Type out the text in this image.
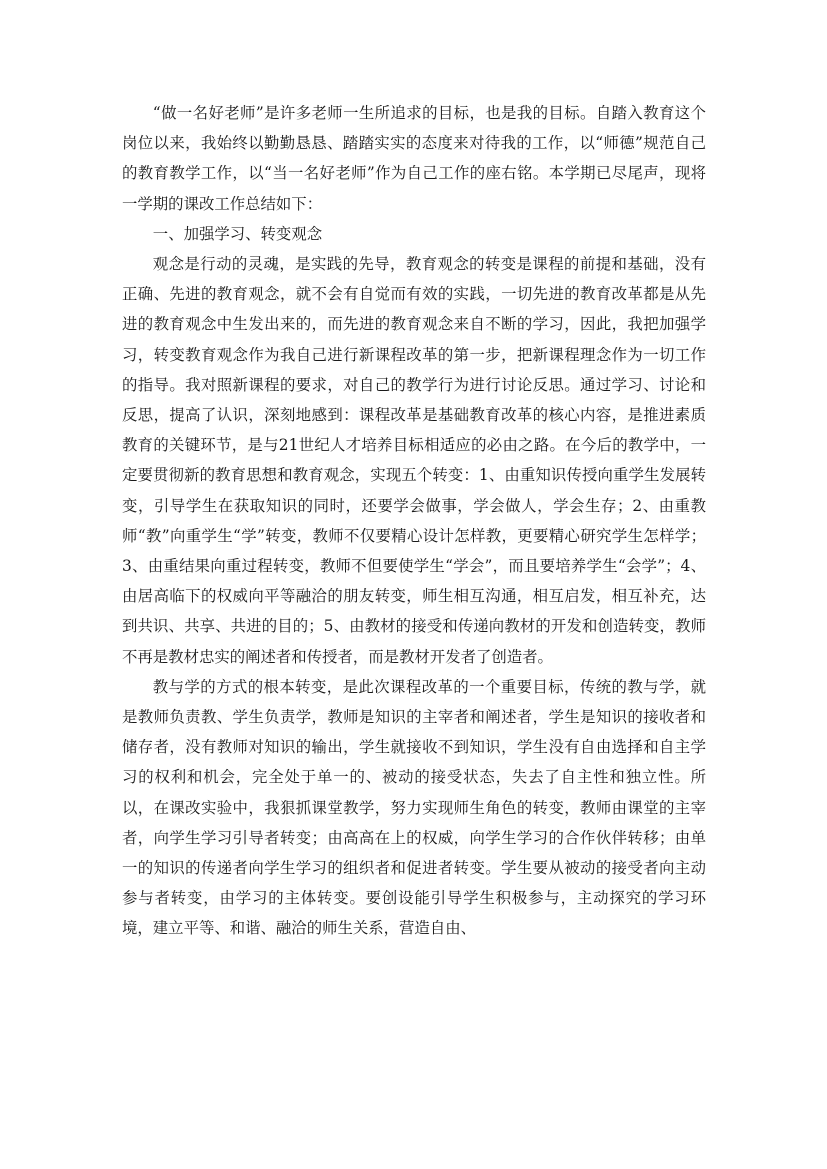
“做一名好老师”是许多老师一生所追求的目标，也是我的目标。自踏入教育这个岗位以来，我始终以勤勤恳恳、踏踏实实的态度来对待我的工作，以“师德”规范自己的教育教学工作，以“当一名好老师”作为自己工作的座右铭。本学期已尽尾声，现将一学期的课改工作总结如下：

一、加强学习、转变观念

观念是行动的灵魂，是实践的先导，教育观念的转变是课程的前提和基础，没有正确、先进的教育观念，就不会有自觉而有效的实践，一切先进的教育改革都是从先进的教育观念中生发出来的，而先进的教育观念来自不断的学习，因此，我把加强学习，转变教育观念作为我自己进行新课程改革的第一步，把新课程理念作为一切工作的指导。我对照新课程的要求，对自己的教学行为进行讨论反思。通过学习、讨论和反思，提高了认识，深刻地感到：课程改革是基础教育改革的核心内容，是推进素质教育的关键环节，是与21世纪人才培养目标相适应的必由之路。在今后的教学中，一定要贯彻新的教育思想和教育观念，实现五个转变：1、由重知识传授向重学生发展转变，引导学生在获取知识的同时，还要学会做事，学会做人，学会生存；2、由重教师“教”向重学生“学”转变，教师不仅要精心设计怎样教，更要精心研究学生怎样学；3、由重结果向重过程转变，教师不但要使学生“学会”，而且要培养学生“会学”；4、由居高临下的权威向平等融洽的朋友转变，师生相互沟通，相互启发，相互补充，达到共识、共享、共进的目的；5、由教材的接受和传递向教材的开发和创造转变，教师不再是教材忠实的阐述者和传授者，而是教材开发者了创造者。

教与学的方式的根本转变，是此次课程改革的一个重要目标，传统的教与学，就是教师负责教、学生负责学，教师是知识的主宰者和阐述者，学生是知识的接收者和储存者，没有教师对知识的输出，学生就接收不到知识，学生没有自由选择和自主学习的权利和机会，完全处于单一的、被动的接受状态，失去了自主性和独立性。所以，在课改实验中，我狠抓课堂教学，努力实现师生角色的转变，教师由课堂的主宰者，向学生学习引导者转变；由高高在上的权威，向学生学习的合作伙伴转移；由单一的知识的传递者向学生学习的组织者和促进者转变。学生要从被动的接受者向主动参与者转变，由学习的主体转变。要创设能引导学生积极参与，主动探究的学习环境，建立平等、和谐、融洽的师生关系，营造自由、
